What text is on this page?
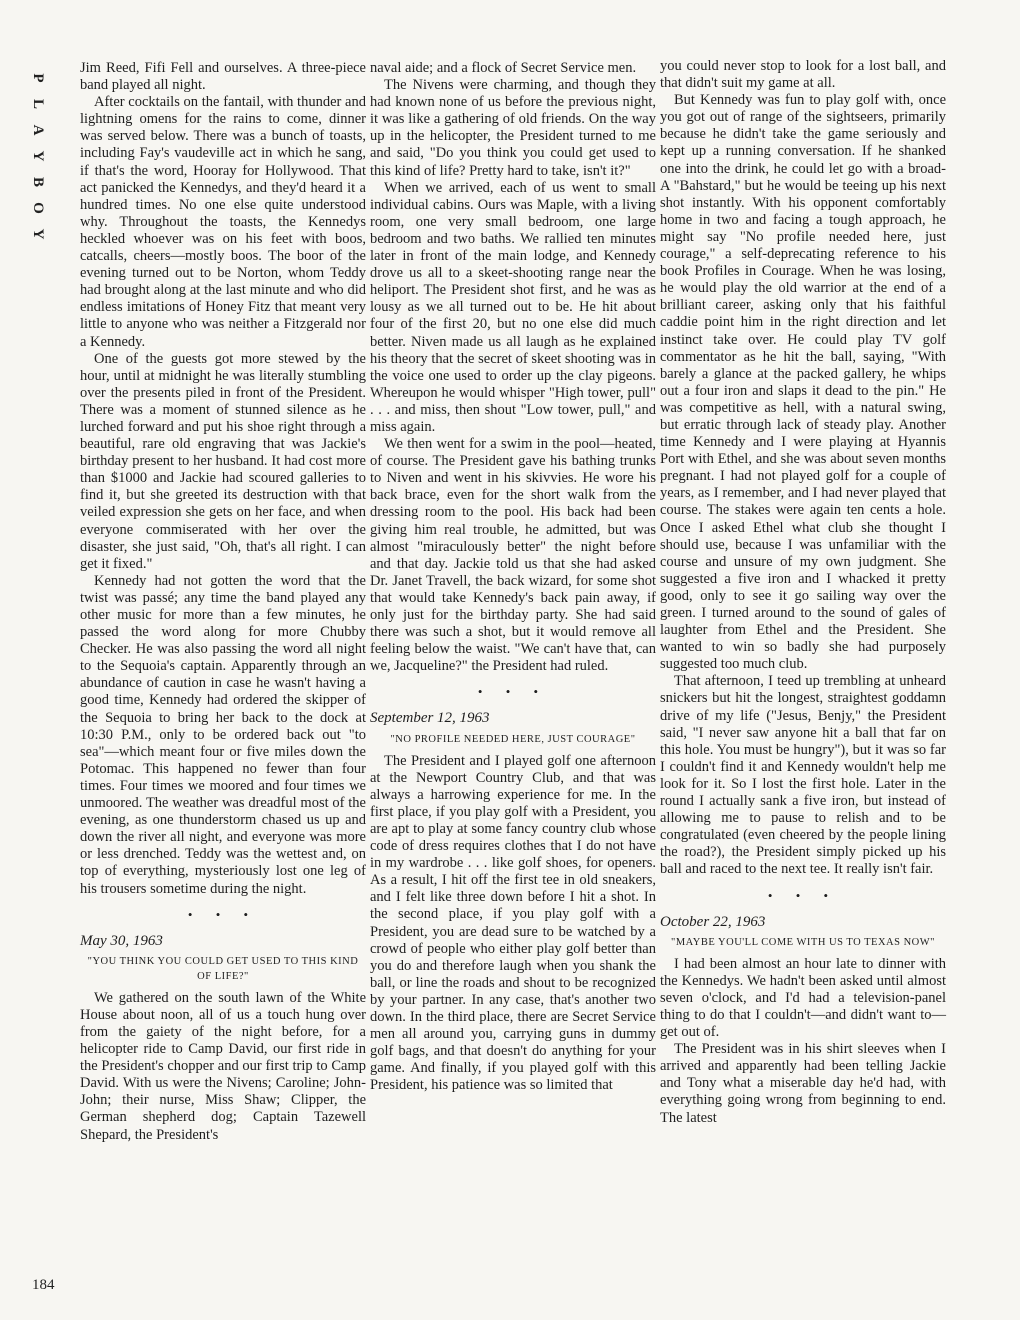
P
L
A
Y
B
O
Y

Jim Reed, Fifi Fell and ourselves. A three-piece band played all night.

After cocktails on the fantail, with thunder and lightning omens for the rains to come, dinner was served below. There was a bunch of toasts, including Fay's vaudeville act in which he sang, if that's the word, Hooray for Hollywood. That act panicked the Kennedys, and they'd heard it a hundred times. No one else quite understood why. Throughout the toasts, the Kennedys heckled whoever was on his feet with boos, catcalls, cheers—mostly boos. The boor of the evening turned out to be Norton, whom Teddy had brought along at the last minute and who did endless imitations of Honey Fitz that meant very little to anyone who was neither a Fitzgerald nor a Kennedy.

One of the guests got more stewed by the hour, until at midnight he was literally stumbling over the presents piled in front of the President. There was a moment of stunned silence as he lurched forward and put his shoe right through a beautiful, rare old engraving that was Jackie's birthday present to her husband. It had cost more than $1000 and Jackie had scoured galleries to find it, but she greeted its destruction with that veiled expression she gets on her face, and when everyone commiserated with her over the disaster, she just said, "Oh, that's all right. I can get it fixed."

Kennedy had not gotten the word that the twist was passé; any time the band played any other music for more than a few minutes, he passed the word along for more Chubby Checker. He was also passing the word all night to the Sequoia's captain. Apparently through an abundance of caution in case he wasn't having a good time, Kennedy had ordered the skipper of the Sequoia to bring her back to the dock at 10:30 P.M., only to be ordered back out "to sea"—which meant four or five miles down the Potomac. This happened no fewer than four times. Four times we moored and four times we unmoored. The weather was dreadful most of the evening, as one thunderstorm chased us up and down the river all night, and everyone was more or less drenched. Teddy was the wettest and, on top of everything, mysteriously lost one leg of his trousers sometime during the night.

• • •
May 30, 1963
"YOU THINK YOU COULD GET USED TO THIS KIND OF LIFE?"

We gathered on the south lawn of the White House about noon, all of us a touch hung over from the gaiety of the night before, for a helicopter ride to Camp David, our first ride in the President's chopper and our first trip to Camp David. With us were the Nivens; Caroline; John-John; their nurse, Miss Shaw; Clipper, the German shepherd dog; Captain Tazewell Shepard, the President's

naval aide; and a flock of Secret Service men.

The Nivens were charming, and though they had known none of us before the previous night, it was like a gathering of old friends. On the way up in the helicopter, the President turned to me and said, "Do you think you could get used to this kind of life? Pretty hard to take, isn't it?"

When we arrived, each of us went to small individual cabins. Ours was Maple, with a living room, one very small bedroom, one large bedroom and two baths. We rallied ten minutes later in front of the main lodge, and Kennedy drove us all to a skeet-shooting range near the heliport. The President shot first, and he was as lousy as we all turned out to be. He hit about four of the first 20, but no one else did much better. Niven made us all laugh as he explained his theory that the secret of skeet shooting was in the voice one used to order up the clay pigeons. Whereupon he would whisper "High tower, pull" . . . and miss, then shout "Low tower, pull," and miss again.

We then went for a swim in the pool—heated, of course. The President gave his bathing trunks to Niven and went in his skivvies. He wore his back brace, even for the short walk from the dressing room to the pool. His back had been giving him real trouble, he admitted, but was almost "miraculously better" the night before and that day. Jackie told us that she had asked Dr. Janet Travell, the back wizard, for some shot that would take Kennedy's back pain away, if only just for the birthday party. She had said there was such a shot, but it would remove all feeling below the waist. "We can't have that, can we, Jacqueline?" the President had ruled.

• • •
September 12, 1963
"NO PROFILE NEEDED HERE, JUST COURAGE"

The President and I played golf one afternoon at the Newport Country Club, and that was always a harrowing experience for me. In the first place, if you play golf with a President, you are apt to play at some fancy country club whose code of dress requires clothes that I do not have in my wardrobe . . . like golf shoes, for openers. As a result, I hit off the first tee in old sneakers, and I felt like three down before I hit a shot. In the second place, if you play golf with a President, you are dead sure to be watched by a crowd of people who either play golf better than you do and therefore laugh when you shank the ball, or line the roads and shout to be recognized by your partner. In any case, that's another two down. In the third place, there are Secret Service men all around you, carrying guns in dummy golf bags, and that doesn't do anything for your game. And finally, if you played golf with this President, his patience was so limited that

you could never stop to look for a lost ball, and that didn't suit my game at all.

But Kennedy was fun to play golf with, once you got out of range of the sightseers, primarily because he didn't take the game seriously and kept up a running conversation. If he shanked one into the drink, he could let go with a broad-A "Bahstard," but he would be teeing up his next shot instantly. With his opponent comfortably home in two and facing a tough approach, he might say "No profile needed here, just courage," a self-deprecating reference to his book Profiles in Courage. When he was losing, he would play the old warrior at the end of a brilliant career, asking only that his faithful caddie point him in the right direction and let instinct take over. He could play TV golf commentator as he hit the ball, saying, "With barely a glance at the packed gallery, he whips out a four iron and slaps it dead to the pin." He was competitive as hell, with a natural swing, but erratic through lack of steady play. Another time Kennedy and I were playing at Hyannis Port with Ethel, and she was about seven months pregnant. I had not played golf for a couple of years, as I remember, and I had never played that course. The stakes were again ten cents a hole. Once I asked Ethel what club she thought I should use, because I was unfamiliar with the course and unsure of my own judgment. She suggested a five iron and I whacked it pretty good, only to see it go sailing way over the green. I turned around to the sound of gales of laughter from Ethel and the President. She wanted to win so badly she had purposely suggested too much club.

That afternoon, I teed up trembling at unheard snickers but hit the longest, straightest goddamn drive of my life ("Jesus, Benjy," the President said, "I never saw anyone hit a ball that far on this hole. You must be hungry"), but it was so far I couldn't find it and Kennedy wouldn't help me look for it. So I lost the first hole. Later in the round I actually sank a five iron, but instead of allowing me to pause to relish and to be congratulated (even cheered by the people lining the road?), the President simply picked up his ball and raced to the next tee. It really isn't fair.

• • •
October 22, 1963
"MAYBE YOU'LL COME WITH US TO TEXAS NOW"

I had been almost an hour late to dinner with the Kennedys. We hadn't been asked until almost seven o'clock, and I'd had a television-panel thing to do that I couldn't—and didn't want to—get out of.

The President was in his shirt sleeves when I arrived and apparently had been telling Jackie and Tony what a miserable day he'd had, with everything going wrong from beginning to end. The latest

184
